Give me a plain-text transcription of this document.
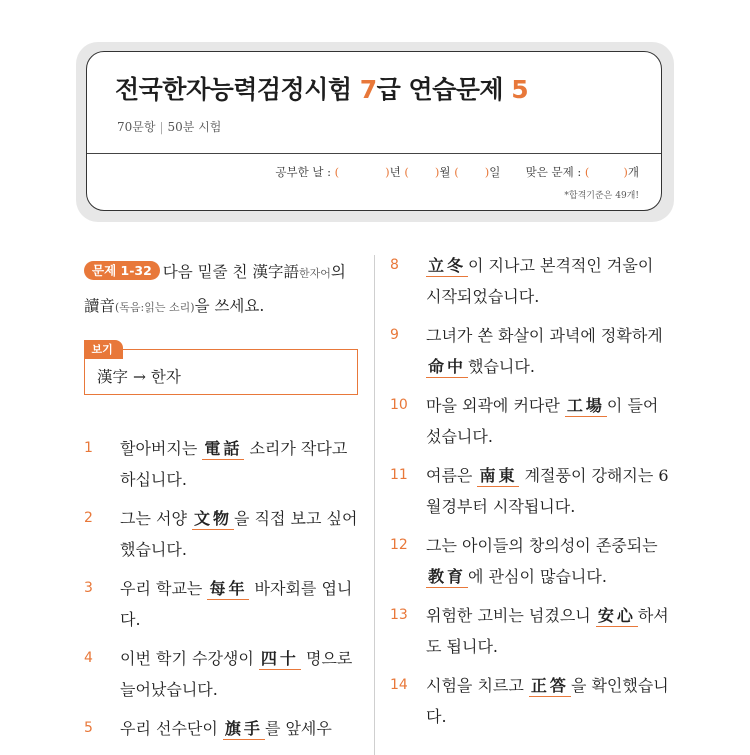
전국한자능력검정시험 7급 연습문제 5
70문항 | 50분 시험
공부한 날 : (	)년 ( )월 ( )일 맞은 문제 : (	)개
*합격기준은 49개!
문제 1-32 다음 밑줄 친 漢字語한자어의 讀音(독음:읽는 소리)을 쓰세요.
보기
漢字 → 한자
1 할아버지는 電話 소리가 작다고 하십니다.
2 그는 서양 文物 을 직접 보고 싶어했습니다.
3 우리 학교는 每年 바자회를 엽니다.
4 이번 학기 수강생이 四十 명으로 늘어났습니다.
5 우리 선수단이 旗手 를 앞세우
8 立冬 이 지나고 본격적인 겨울이 시작되었습니다.
9 그녀가 쏜 화살이 과녁에 정확하게 命中 했습니다.
10 마을 외곽에 커다란 工場 이 들어섰습니다.
11 여름은 南東 계절풍이 강해지는 6월경부터 시작됩니다.
12 그는 아이들의 창의성이 존중되는 教育 에 관심이 많습니다.
13 위험한 고비는 넘겼으니 安心 하셔도 됩니다.
14 시험을 치르고 正答 을 확인했습니다.
